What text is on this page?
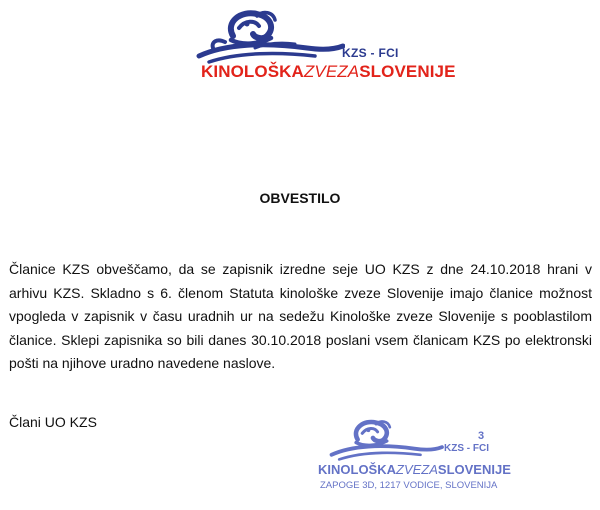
KZS - FCI
KINOLOŠKAZVEZASLOVENIJE
OBVESTILO
Članice KZS obveščamo, da se zapisnik izredne seje UO KZS z dne 24.10.2018 hrani v arhivu KZS. Skladno s 6. členom Statuta kinološke zveze Slovenije imajo članice možnost vpogleda v zapisnik v času uradnih ur na sedežu Kinološke zveze Slovenije s pooblastilom članice. Sklepi zapisnika so bili danes 30.10.2018 poslani vsem članicam KZS po elektronski pošti na njihove uradno navedene naslove.
Člani UO KZS
3
KZS - FCI
KINOLOŠKAZVEZASLOVENIJE
ZAPOGE 3D, 1217 VODICE, SLOVENIJA
